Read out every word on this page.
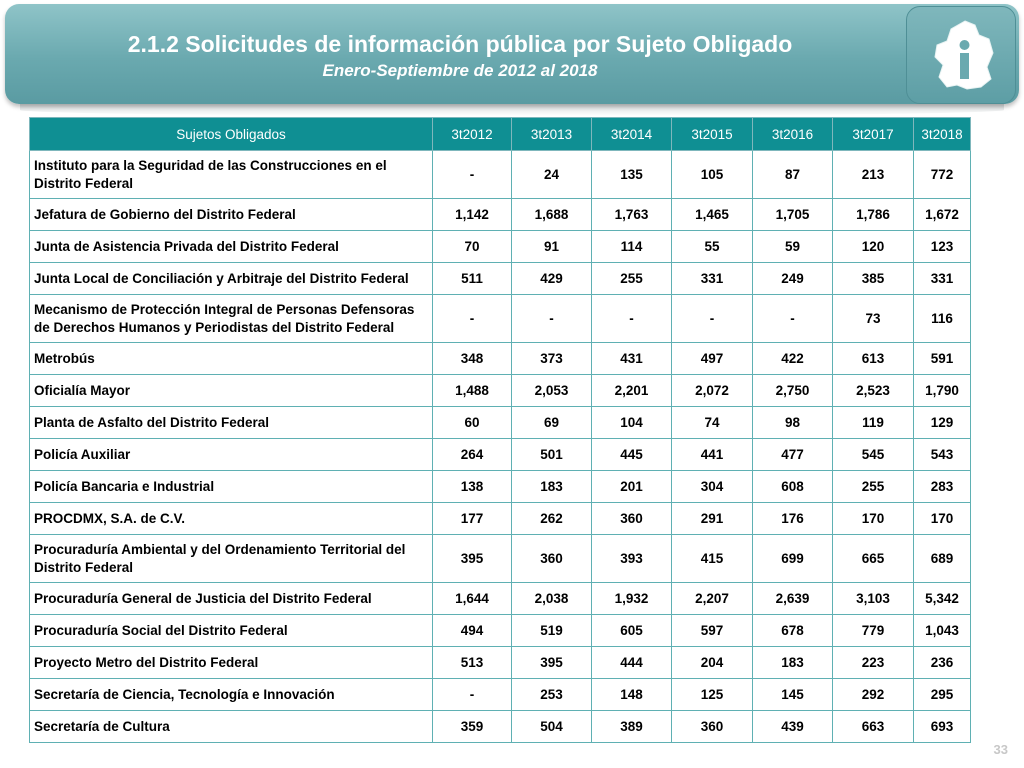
2.1.2 Solicitudes de información pública por Sujeto Obligado
Enero-Septiembre de 2012 al 2018
Sujetos Obligados	3t2012	3t2013	3t2014	3t2015	3t2016	3t2017	3t2018
Instituto para la Seguridad de las Construcciones en el Distrito Federal	-	24	135	105	87	213	772
Jefatura de Gobierno del Distrito Federal	1,142	1,688	1,763	1,465	1,705	1,786	1,672
Junta de Asistencia Privada del Distrito Federal	70	91	114	55	59	120	123
Junta Local de Conciliación y Arbitraje del Distrito Federal	511	429	255	331	249	385	331
Mecanismo de Protección Integral de Personas Defensoras de Derechos Humanos y Periodistas del Distrito Federal	-	-	-	-	-	73	116
Metrobús	348	373	431	497	422	613	591
Oficialía Mayor	1,488	2,053	2,201	2,072	2,750	2,523	1,790
Planta de Asfalto del Distrito Federal	60	69	104	74	98	119	129
Policía Auxiliar	264	501	445	441	477	545	543
Policía Bancaria e Industrial	138	183	201	304	608	255	283
PROCDMX, S.A. de C.V.	177	262	360	291	176	170	170
Procuraduría Ambiental y del Ordenamiento Territorial del Distrito Federal	395	360	393	415	699	665	689
Procuraduría General de Justicia del Distrito Federal	1,644	2,038	1,932	2,207	2,639	3,103	5,342
Procuraduría Social del Distrito Federal	494	519	605	597	678	779	1,043
Proyecto Metro del Distrito Federal	513	395	444	204	183	223	236
Secretaría de Ciencia, Tecnología e Innovación	-	253	148	125	145	292	295
Secretaría de Cultura	359	504	389	360	439	663	693
33
